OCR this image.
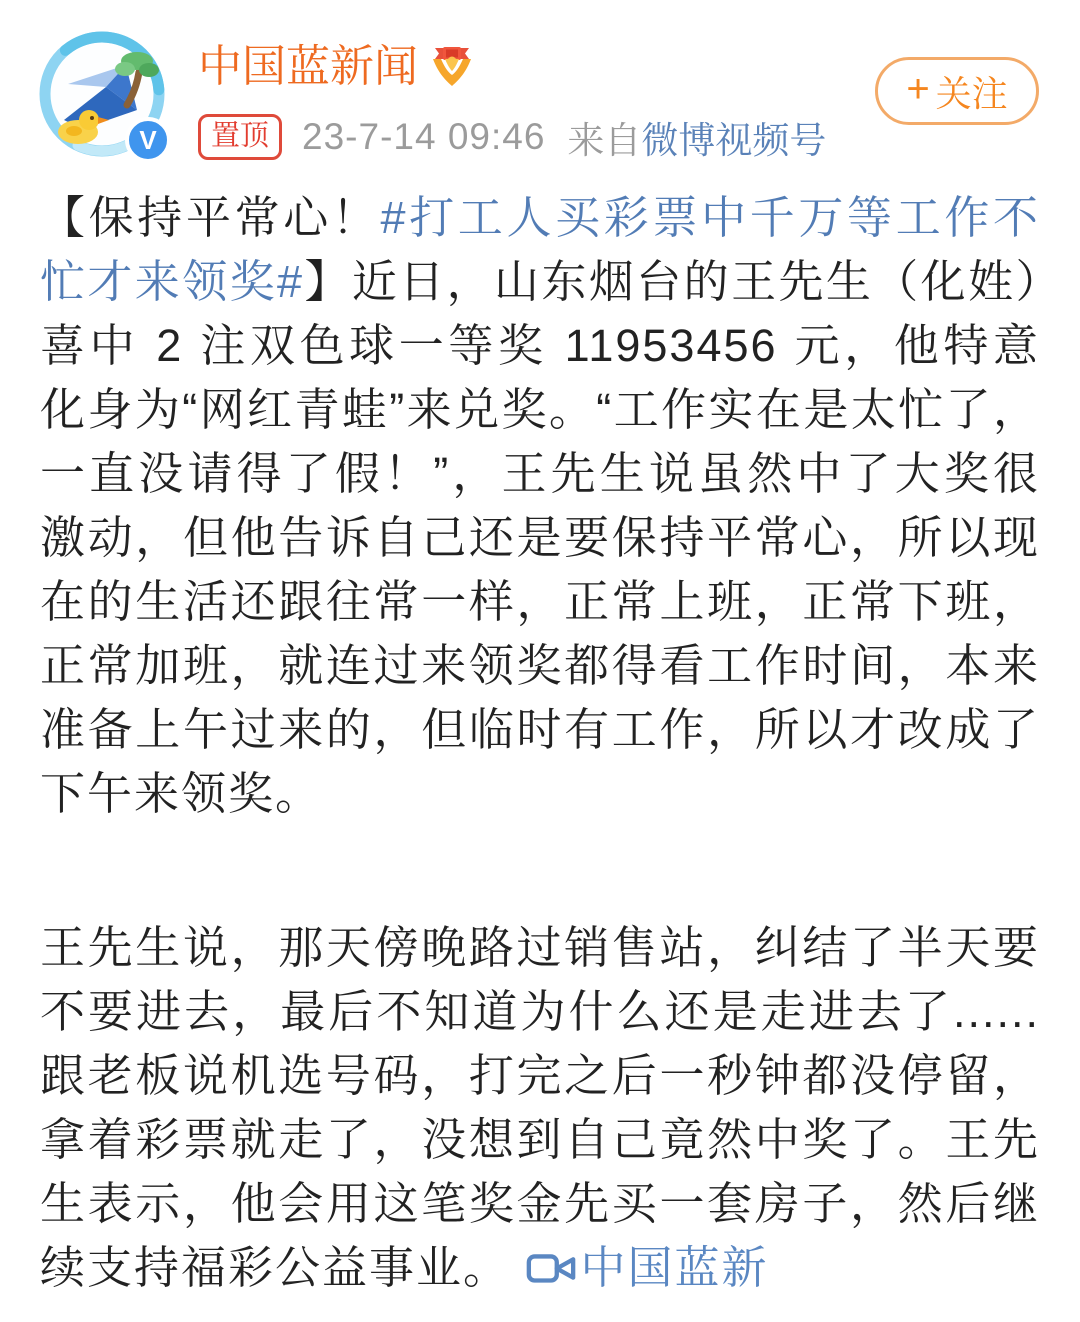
V
中国蓝新闻
置顶 23-7-14 09:46 来自微博视频号
+ 关注

【保持平常心！#打工人买彩票中千万等工作不忙才来领奖#】近日，山东烟台的王先生（化姓）喜中 2 注双色球一等奖 11953456 元，他特意化身为“网红青蛙”来兑奖。“工作实在是太忙了，一直没请得了假！”，王先生说虽然中了大奖很激动，但他告诉自己还是要保持平常心，所以现在的生活还跟往常一样，正常上班，正常下班，正常加班，就连过来领奖都得看工作时间，本来准备上午过来的，但临时有工作，所以才改成了下午来领奖。

王先生说，那天傍晚路过销售站，纠结了半天要不要进去，最后不知道为什么还是走进去了......跟老板说机选号码，打完之后一秒钟都没停留，拿着彩票就走了，没想到自己竟然中奖了。王先生表示，他会用这笔奖金先买一套房子，然后继续支持福彩公益事业。 中国蓝新
